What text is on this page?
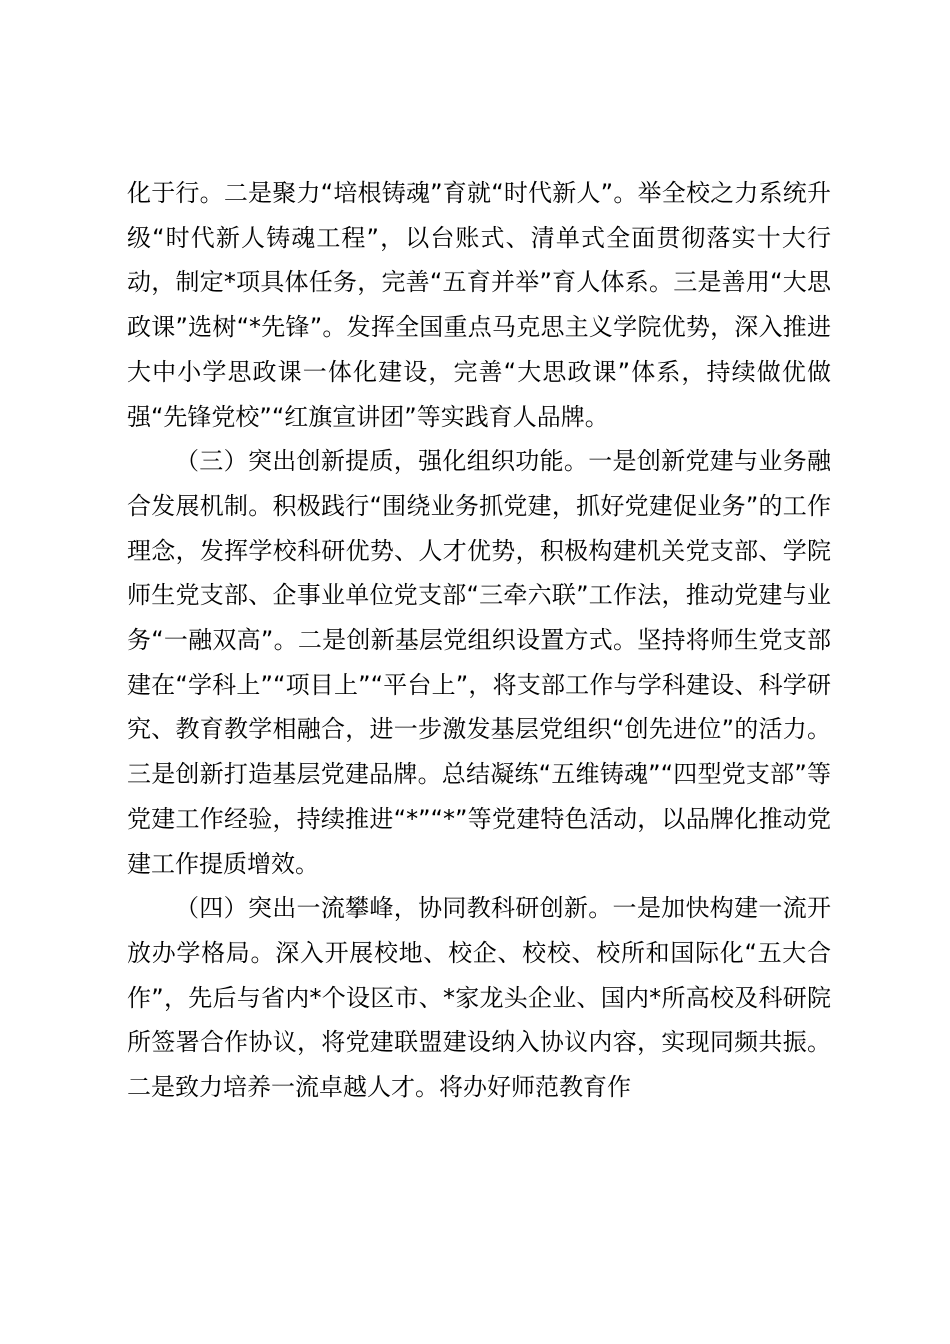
化于行。二是聚力“培根铸魂”育就“时代新人”。举全校之力系统升级“时代新人铸魂工程”，以台账式、清单式全面贯彻落实十大行动，制定*项具体任务，完善“五育并举”育人体系。三是善用“大思政课”选树“*先锋”。发挥全国重点马克思主义学院优势，深入推进大中小学思政课一体化建设，完善“大思政课”体系，持续做优做强“先锋党校”“红旗宣讲团”等实践育人品牌。

（三）突出创新提质，强化组织功能。一是创新党建与业务融合发展机制。积极践行“围绕业务抓党建，抓好党建促业务”的工作理念，发挥学校科研优势、人才优势，积极构建机关党支部、学院师生党支部、企事业单位党支部“三牵六联”工作法，推动党建与业务“一融双高”。二是创新基层党组织设置方式。坚持将师生党支部建在“学科上”“项目上”“平台上”，将支部工作与学科建设、科学研究、教育教学相融合，进一步激发基层党组织“创先进位”的活力。三是创新打造基层党建品牌。总结凝练“五维铸魂”“四型党支部”等党建工作经验，持续推进“*”“*”等党建特色活动，以品牌化推动党建工作提质增效。

（四）突出一流攀峰，协同教科研创新。一是加快构建一流开放办学格局。深入开展校地、校企、校校、校所和国际化“五大合作”，先后与省内*个设区市、*家龙头企业、国内*所高校及科研院所签署合作协议，将党建联盟建设纳入协议内容，实现同频共振。二是致力培养一流卓越人才。将办好师范教育作
